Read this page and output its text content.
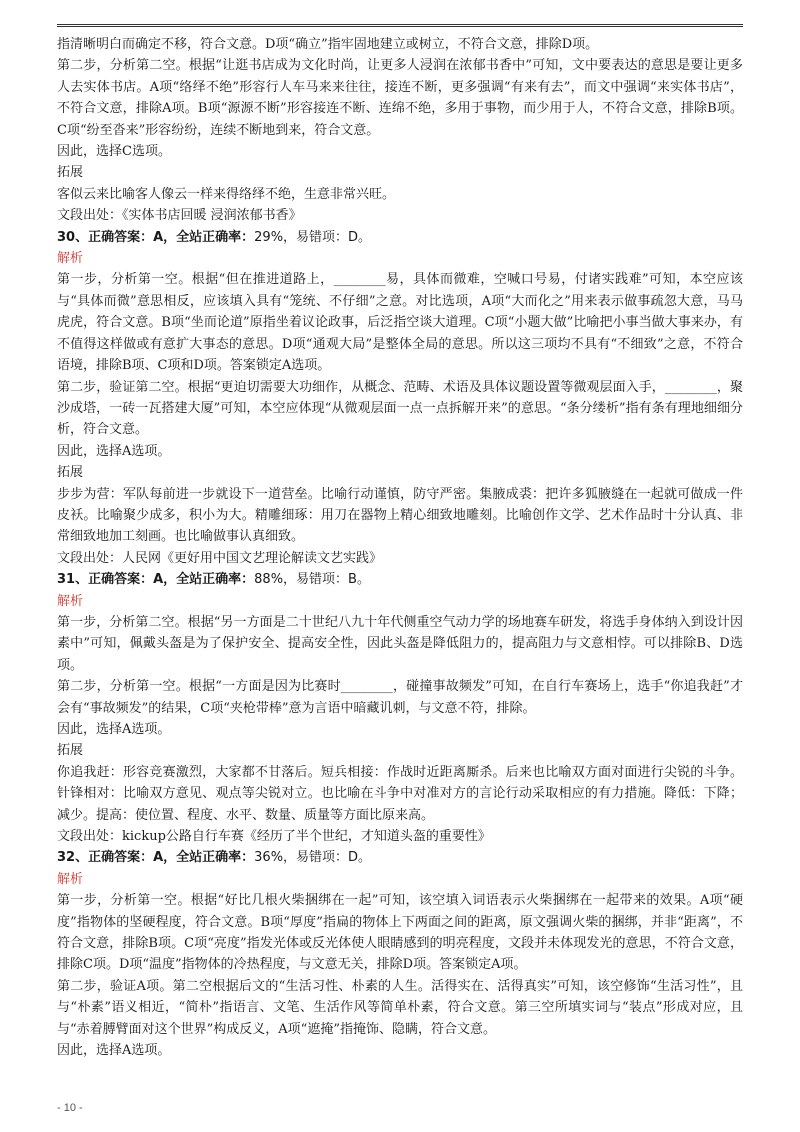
指清晰明白而确定不移，符合文意。D项“确立”指牢固地建立或树立，不符合文意，排除D项。

第二步，分析第二空。根据“让逛书店成为文化时尚，让更多人浸润在浓郁书香中”可知，文中要表达的意思是要让更多人去实体书店。A项“络绎不绝”形容行人车马来来往往，接连不断，更多强调“有来有去”，而文中强调“来实体书店”，不符合文意，排除A项。B项“源源不断”形容接连不断、连绵不绝，多用于事物，而少用于人，不符合文意，排除B项。C项“纷至沓来”形容纷纷，连续不断地到来，符合文意。

因此，选择C选项。

拓展

客似云来比喻客人像云一样来得络绎不绝，生意非常兴旺。

文段出处：《实体书店回暖 浸润浓郁书香》

30、正确答案：A，全站正确率：29%，易错项：D。

解析

第一步，分析第一空。根据“但在推进道路上，________易，具体而微难，空喊口号易，付诸实践难”可知，本空应该与“具体而微”意思相反，应该填入具有“笼统、不仔细”之意。对比选项，A项“大而化之”用来表示做事疏忽大意，马马虎虎，符合文意。B项“坐而论道”原指坐着议论政事，后泛指空谈大道理。C项“小题大做”比喻把小事当做大事来办，有不值得这样做或有意扩大事态的意思。D项“通观大局”是整体全局的意思。所以这三项均不具有“不细致”之意，不符合语境，排除B项、C项和D项。答案锁定A选项。

第二步，验证第二空。根据“更迫切需要大功细作，从概念、范畴、术语及具体议题设置等微观层面入手，________，聚沙成塔，一砖一瓦搭建大厦”可知，本空应体现“从微观层面一点一点拆解开来”的意思。“条分缕析”指有条有理地细细分析，符合文意。

因此，选择A选项。

拓展

步步为营：军队每前进一步就设下一道营垒。比喻行动谨慎，防守严密。集腋成裘：把许多狐腋缝在一起就可做成一件皮袄。比喻聚少成多，积小为大。精雕细琢：用刀在器物上精心细致地雕刻。比喻创作文学、艺术作品时十分认真、非常细致地加工刻画。也比喻做事认真细致。

文段出处：人民网《更好用中国文艺理论解读文艺实践》

31、正确答案：A，全站正确率：88%，易错项：B。

解析

第一步，分析第二空。根据“另一方面是二十世纪八九十年代侧重空气动力学的场地赛车研发，将选手身体纳入到设计因素中”可知，佩戴头盔是为了保护安全、提高安全性，因此头盔是降低阻力的，提高阻力与文意相悖。可以排除B、D选项。

第二步，分析第一空。根据“一方面是因为比赛时________，碰撞事故频发”可知，在自行车赛场上，选手“你追我赶”才会有“事故频发”的结果，C项“夹枪带棒”意为言语中暗藏讥刺，与文意不符，排除。

因此，选择A选项。

拓展

你追我赶：形容竞赛激烈，大家都不甘落后。短兵相接：作战时近距离厮杀。后来也比喻双方面对面进行尖锐的斗争。针锋相对：比喻双方意见、观点等尖锐对立。也比喻在斗争中对准对方的言论行动采取相应的有力措施。降低：下降；减少。提高：使位置、程度、水平、数量、质量等方面比原来高。

文段出处：kickup公路自行车赛《经历了半个世纪，才知道头盔的重要性》

32、正确答案：A，全站正确率：36%，易错项：D。

解析

第一步，分析第一空。根据“好比几根火柴捆绑在一起”可知，该空填入词语表示火柴捆绑在一起带来的效果。A项“硬度”指物体的坚硬程度，符合文意。B项“厚度”指扁的物体上下两面之间的距离，原文强调火柴的捆绑，并非“距离”，不符合文意，排除B项。C项“亮度”指发光体或反光体使人眼睛感到的明亮程度，文段并未体现发光的意思，不符合文意，排除C项。D项“温度”指物体的冷热程度，与文意无关，排除D项。答案锁定A项。

第二步，验证A项。第二空根据后文的“生活习性、朴素的人生。活得实在、活得真实”可知，该空修饰“生活习性”，且与“朴素”语义相近，“简朴”指语言、文笔、生活作风等简单朴素，符合文意。第三空所填实词与“装点”形成对应，且与“赤着膊臂面对这个世界”构成反义，A项“遮掩”指掩饰、隐瞒，符合文意。

因此，选择A选项。

- 10 -
